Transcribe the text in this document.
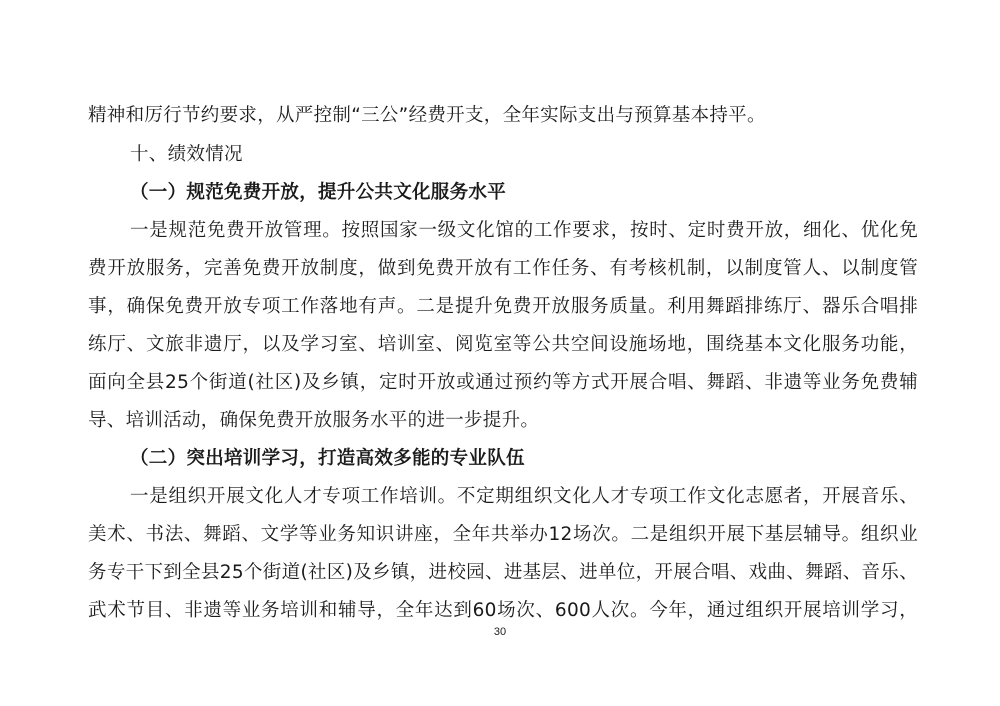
精神和厉行节约要求，从严控制“三公”经费开支，全年实际支出与预算基本持平。
十、绩效情况
（一）规范免费开放，提升公共文化服务水平
一是规范免费开放管理。按照国家一级文化馆的工作要求，按时、定时费开放，细化、优化免
费开放服务，完善免费开放制度，做到免费开放有工作任务、有考核机制，以制度管人、以制度管
事，确保免费开放专项工作落地有声。二是提升免费开放服务质量。利用舞蹈排练厅、器乐合唱排
练厅、文旅非遗厅，以及学习室、培训室、阅览室等公共空间设施场地，围绕基本文化服务功能，
面向全县25个街道(社区)及乡镇，定时开放或通过预约等方式开展合唱、舞蹈、非遗等业务免费辅
导、培训活动，确保免费开放服务水平的进一步提升。
（二）突出培训学习，打造高效多能的专业队伍
一是组织开展文化人才专项工作培训。不定期组织文化人才专项工作文化志愿者，开展音乐、
美术、书法、舞蹈、文学等业务知识讲座，全年共举办12场次。二是组织开展下基层辅导。组织业
务专干下到全县25个街道(社区)及乡镇，进校园、进基层、进单位，开展合唱、戏曲、舞蹈、音乐、
武术节目、非遗等业务培训和辅导，全年达到60场次、600人次。今年，通过组织开展培训学习，
30
